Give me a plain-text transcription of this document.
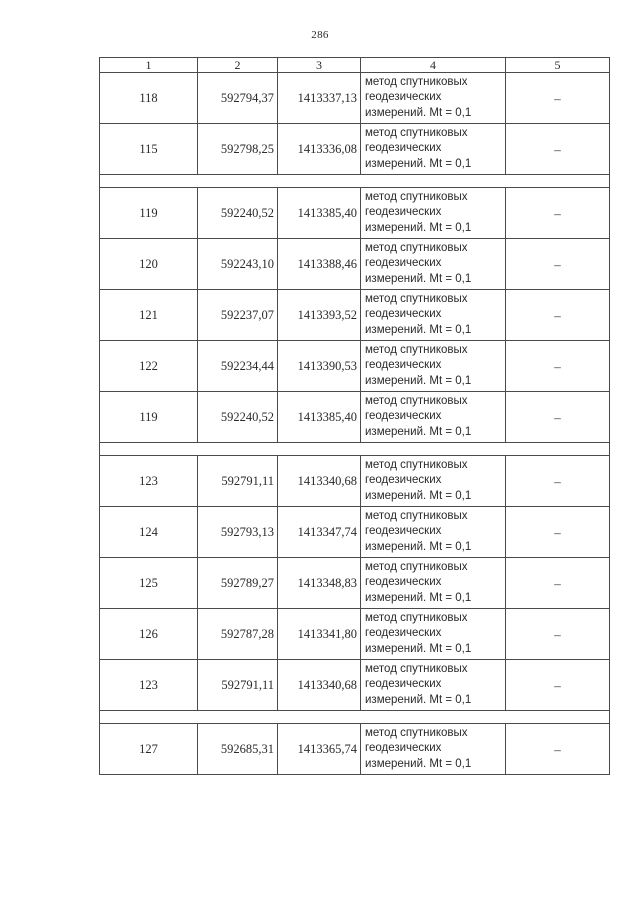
286
1	2	3	4	5
118	592794,37	1413337,13	метод спутниковых
геодезических
измерений. Mt = 0,1	–
115	592798,25	1413336,08	метод спутниковых
геодезических
измерений. Mt = 0,1	–

119	592240,52	1413385,40	метод спутниковых
геодезических
измерений. Mt = 0,1	–
120	592243,10	1413388,46	метод спутниковых
геодезических
измерений. Mt = 0,1	–
121	592237,07	1413393,52	метод спутниковых
геодезических
измерений. Mt = 0,1	–
122	592234,44	1413390,53	метод спутниковых
геодезических
измерений. Mt = 0,1	–
119	592240,52	1413385,40	метод спутниковых
геодезических
измерений. Mt = 0,1	–

123	592791,11	1413340,68	метод спутниковых
геодезических
измерений. Mt = 0,1	–
124	592793,13	1413347,74	метод спутниковых
геодезических
измерений. Mt = 0,1	–
125	592789,27	1413348,83	метод спутниковых
геодезических
измерений. Mt = 0,1	–
126	592787,28	1413341,80	метод спутниковых
геодезических
измерений. Mt = 0,1	–
123	592791,11	1413340,68	метод спутниковых
геодезических
измерений. Mt = 0,1	–

127	592685,31	1413365,74	метод спутниковых
геодезических
измерений. Mt = 0,1	–
